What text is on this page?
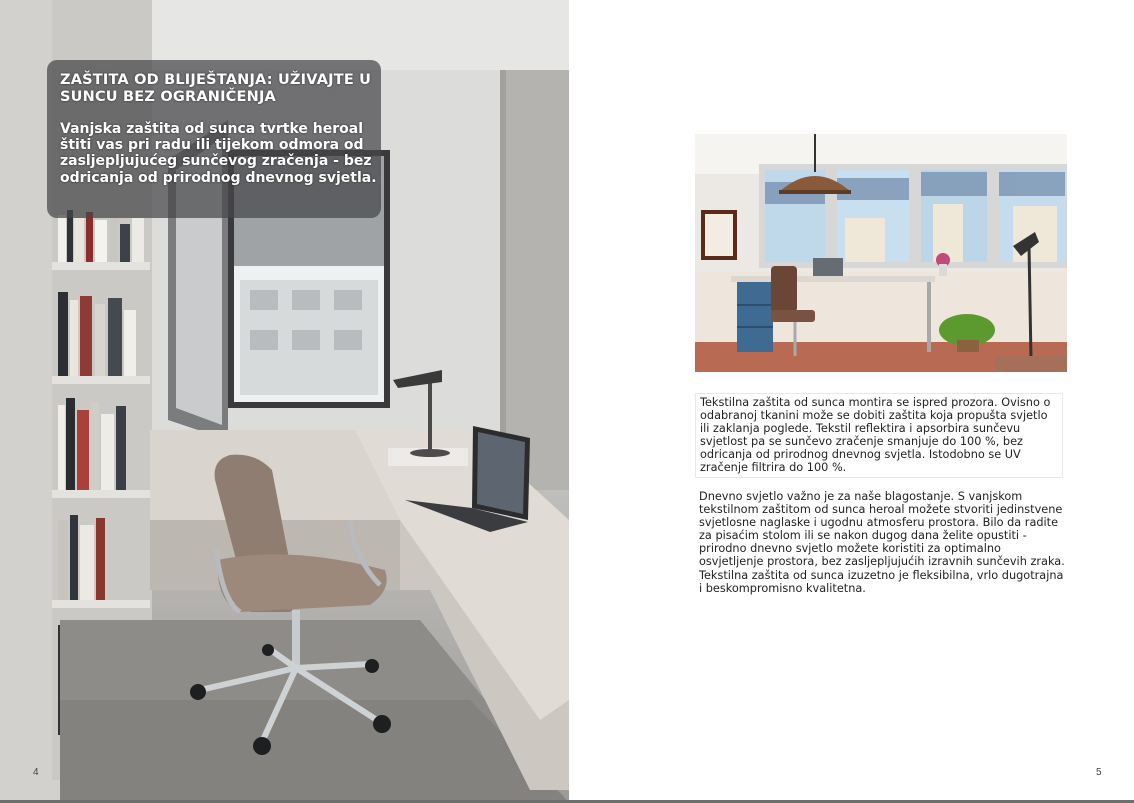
ZAŠTITA OD BLIJEŠTANJA: UŽIVAJTE U SUNCU BEZ OGRANIČENJA
Vanjska zaštita od sunca tvrtke heroal štiti vas pri radu ili tijekom odmora od zasljepljujućeg sunčevog zračenja - bez odricanja od prirodnog dnevnog svjetla.
4
Tekstilna zaštita od sunca montira se ispred prozora. Ovisno o odabranoj tkanini može se dobiti zaštita koja propušta svjetlo ili zaklanja poglede. Tekstil reflektira i apsorbira sunčevu svjetlost pa se sunčevo zračenje smanjuje do 100 %, bez odricanja od prirodnog dnevnog svjetla. Istodobno se UV zračenje filtrira do 100 %.
Dnevno svjetlo važno je za naše blagostanje. S vanjskom tekstilnom zaštitom od sunca heroal možete stvoriti jedinstvene svjetlosne naglaske i ugodnu atmosferu prostora. Bilo da radite za pisaćim stolom ili se nakon dugog dana želite opustiti - prirodno dnevno svjetlo možete koristiti za optimalno osvjetljenje prostora, bez zasljepljujućih izravnih sunčevih zraka. Tekstilna zaštita od sunca izuzetno je fleksibilna, vrlo dugotrajna i beskompromisno kvalitetna.
5
